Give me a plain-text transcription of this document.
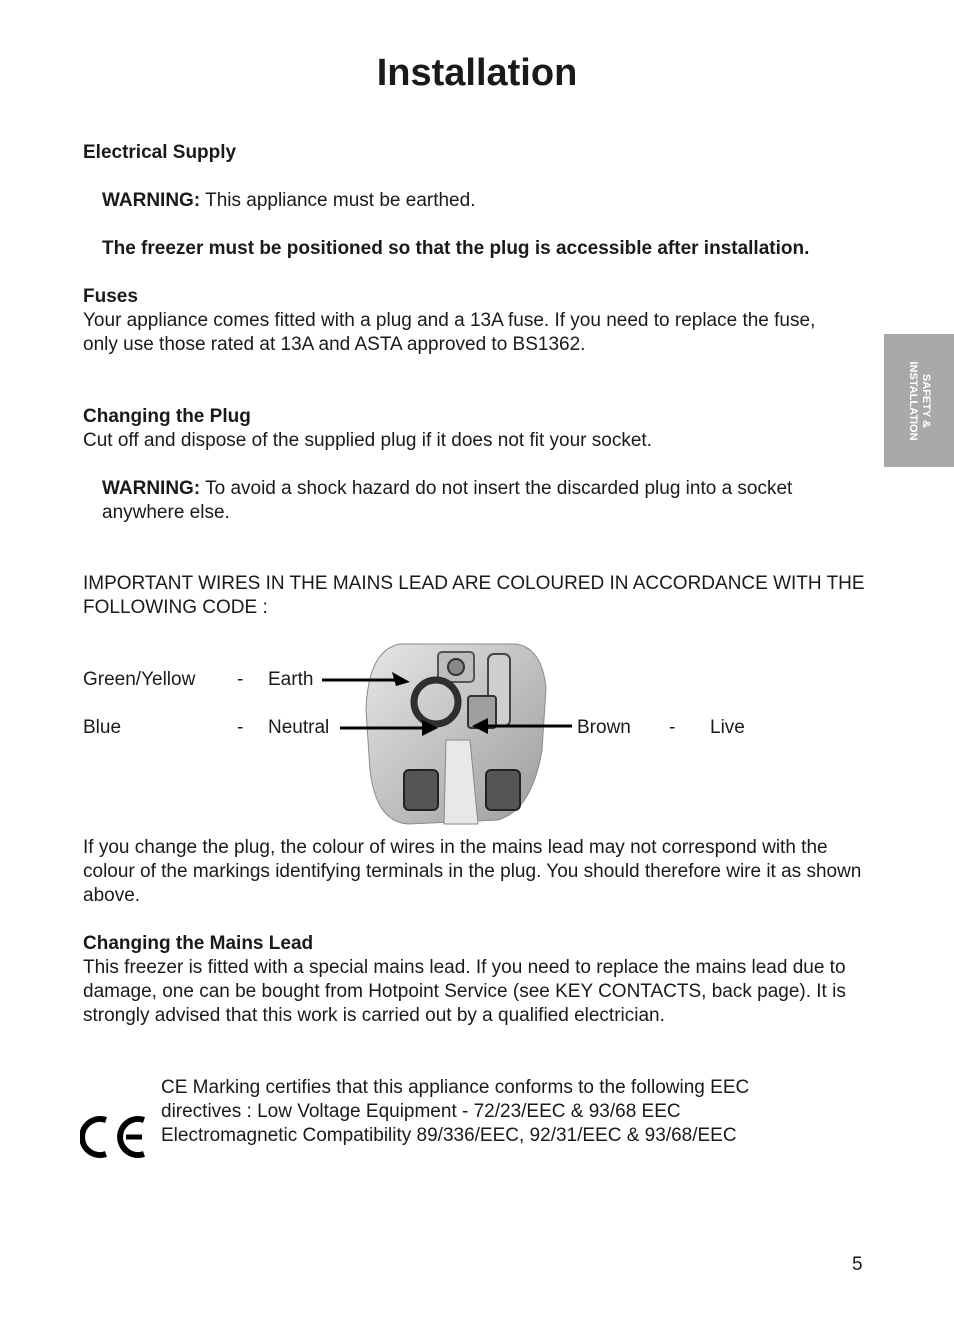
Installation
SAFETY & INSTALLATION
Electrical Supply
WARNING: This appliance must be earthed.
The freezer must be positioned so that the plug is accessible after installation.
Fuses
Your appliance comes fitted with a plug and a 13A fuse. If you need to replace the fuse, only use those rated at 13A and ASTA approved to BS1362.
Changing the Plug
Cut off and dispose of the supplied plug if it does not fit your socket.
WARNING: To avoid a shock hazard do not insert the discarded plug into a socket anywhere else.
IMPORTANT WIRES IN THE MAINS LEAD ARE COLOURED IN ACCORDANCE WITH THE FOLLOWING CODE :
Green/Yellow - Earth
Blue	- Neutral	Brown - Live
If you change the plug, the colour of wires in the mains lead may not correspond with the colour of the markings identifying terminals in the plug. You should therefore wire it as shown above.
Changing the Mains Lead
This freezer is fitted with a special mains lead. If you need to replace the mains lead due to damage, one can be bought from Hotpoint Service (see KEY CONTACTS, back page). It is strongly advised that this work is carried out by a qualified electrician.
CE Marking certifies that this appliance conforms to the following EEC
directives : Low Voltage Equipment - 72/23/EEC & 93/68 EEC
Electromagnetic Compatibility 89/336/EEC, 92/31/EEC & 93/68/EEC
5
